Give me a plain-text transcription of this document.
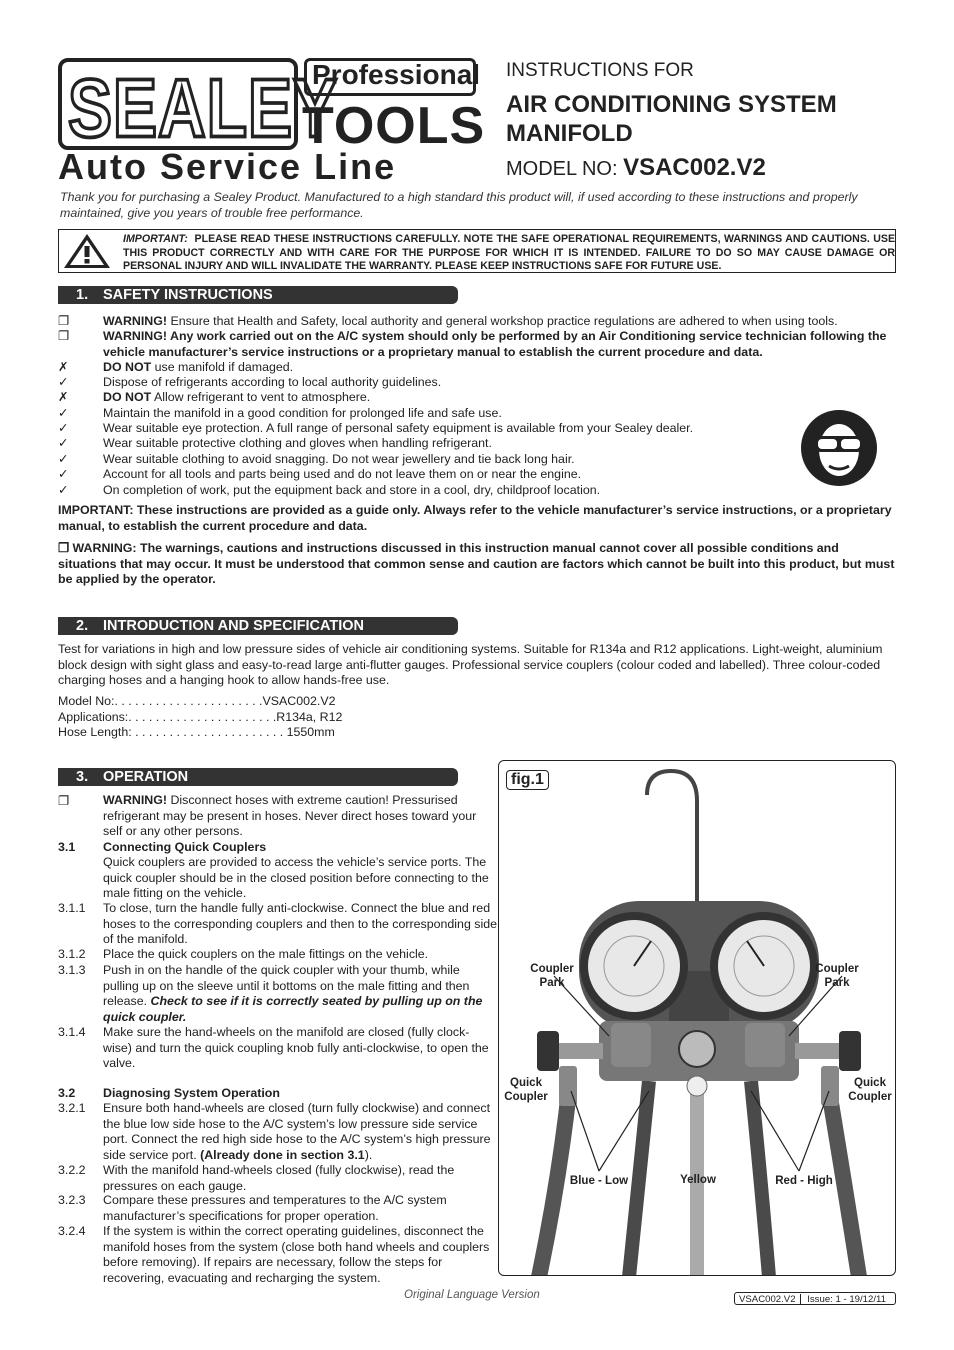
SEALEY
Professional
TOOLS
Auto Service Line
INSTRUCTIONS FOR
AIR CONDITIONING SYSTEM
MANIFOLD
MODEL NO: VSAC002.V2
Thank you for purchasing a Sealey Product. Manufactured to a high standard this product will, if used according to these instructions and properly maintained, give you years of trouble free performance.
IMPORTANT: PLEASE READ THESE INSTRUCTIONS CAREFULLY. NOTE THE SAFE OPERATIONAL REQUIREMENTS, WARNINGS AND CAUTIONS. USE THIS PRODUCT CORRECTLY AND WITH CARE FOR THE PURPOSE FOR WHICH IT IS INTENDED. FAILURE TO DO SO MAY CAUSE DAMAGE OR PERSONAL INJURY AND WILL INVALIDATE THE WARRANTY. PLEASE KEEP INSTRUCTIONS SAFE FOR FUTURE USE.
1. SAFETY INSTRUCTIONS
❐	WARNING! Ensure that Health and Safety, local authority and general workshop practice regulations are adhered to when using tools.
❐	WARNING! Any work carried out on the A/C system should only be performed by an Air Conditioning service technician following the vehicle manufacturer’s service instructions or a proprietary manual to establish the current procedure and data.
✗	DO NOT use manifold if damaged.
✓	Dispose of refrigerants according to local authority guidelines.
✗	DO NOT Allow refrigerant to vent to atmosphere.
✓	Maintain the manifold in a good condition for prolonged life and safe use.
✓	Wear suitable eye protection. A full range of personal safety equipment is available from your Sealey dealer.
✓	Wear suitable protective clothing and gloves when handling refrigerant.
✓	Wear suitable clothing to avoid snagging. Do not wear jewellery and tie back long hair.
✓	Account for all tools and parts being used and do not leave them on or near the engine.
✓	On completion of work, put the equipment back and store in a cool, dry, childproof location.
IMPORTANT: These instructions are provided as a guide only. Always refer to the vehicle manufacturer’s service instructions, or a proprietary manual, to establish the current procedure and data.
❐ WARNING: The warnings, cautions and instructions discussed in this instruction manual cannot cover all possible conditions and situations that may occur. It must be understood that common sense and caution are factors which cannot be built into this product, but must be applied by the operator.
2. INTRODUCTION AND SPECIFICATION
Test for variations in high and low pressure sides of vehicle air conditioning systems. Suitable for R134a and R12 applications. Light-weight, aluminium block design with sight glass and easy-to-read large anti-flutter gauges. Professional service couplers (colour coded and labelled). Three colour-coded charging hoses and a hanging hook to allow hands-free use.
Model No:. . . . . . . . . . . . . . . . . . . . . .VSAC002.V2
Applications:. . . . . . . . . . . . . . . . . . . . . .R134a, R12
Hose Length: . . . . . . . . . . . . . . . . . . . . . . 1550mm
3. OPERATION
❐	WARNING! Disconnect hoses with extreme caution! Pressurised refrigerant may be present in hoses. Never direct hoses toward your self or any other persons.
3.1 Connecting Quick Couplers
Quick couplers are provided to access the vehicle’s service ports. The quick coupler should be in the closed position before connecting to the male fitting on the vehicle.
3.1.1 To close, turn the handle fully anti-clockwise. Connect the blue and red hoses to the corresponding couplers and then to the corresponding side of the manifold.
3.1.2 Place the quick couplers on the male fittings on the vehicle.
3.1.3 Push in on the handle of the quick coupler with your thumb, while pulling up on the sleeve until it bottoms on the male fitting and then release. Check to see if it is correctly seated by pulling up on the quick coupler.
3.1.4 Make sure the hand-wheels on the manifold are closed (fully clock-wise) and turn the quick coupling knob fully anti-clockwise, to open the valve.
3.2 Diagnosing System Operation
3.2.1 Ensure both hand-wheels are closed (turn fully clockwise) and connect the blue low side hose to the A/C system’s low pressure side service port. Connect the red high side hose to the A/C system’s high pressure side service port. (Already done in section 3.1).
3.2.2 With the manifold hand-wheels closed (fully clockwise), read the pressures on each gauge.
3.2.3 Compare these pressures and temperatures to the A/C system manufacturer’s specifications for proper operation.
3.2.4 If the system is within the correct operating guidelines, disconnect the manifold hoses from the system (close both hand wheels and couplers before removing). If repairs are necessary, follow the steps for recovering, evacuating and recharging the system.
fig.1
Coupler
Park
Coupler
Park
Quick
Coupler
Quick
Coupler
Blue - Low	Yellow	Red - High
Original Language Version	VSAC002.V2 Issue: 1 - 19/12/11
